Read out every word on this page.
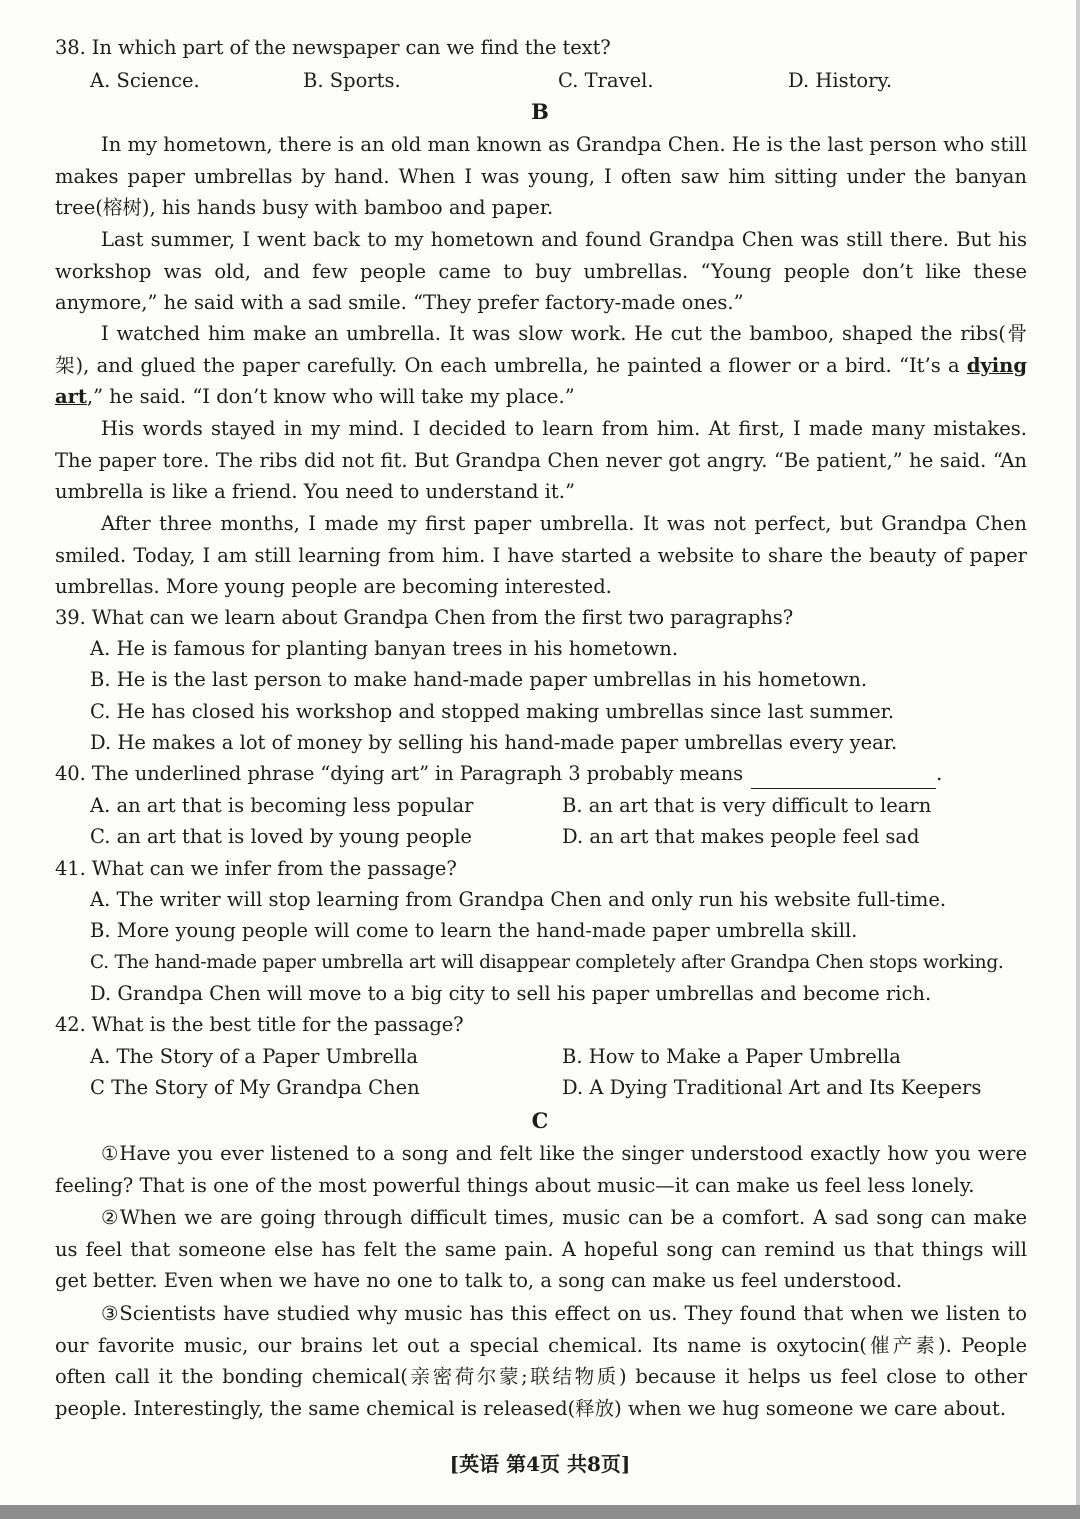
38. In which part of the newspaper can we find the text?
A. Science.	B. Sports.	C. Travel.	D. History.
B

In my hometown, there is an old man known as Grandpa Chen. He is the last person who still makes paper umbrellas by hand. When I was young, I often saw him sitting under the banyan tree(榕树), his hands busy with bamboo and paper.

Last summer, I went back to my hometown and found Grandpa Chen was still there. But his workshop was old, and few people came to buy umbrellas. “Young people don’t like these anymore,” he said with a sad smile. “They prefer factory-made ones.”

I watched him make an umbrella. It was slow work. He cut the bamboo, shaped the ribs(骨架), and glued the paper carefully. On each umbrella, he painted a flower or a bird. “It’s a dying art,” he said. “I don’t know who will take my place.”

His words stayed in my mind. I decided to learn from him. At first, I made many mistakes. The paper tore. The ribs did not fit. But Grandpa Chen never got angry. “Be patient,” he said. “An umbrella is like a friend. You need to understand it.”

After three months, I made my first paper umbrella. It was not perfect, but Grandpa Chen smiled. Today, I am still learning from him. I have started a website to share the beauty of paper umbrellas. More young people are becoming interested.

39. What can we learn about Grandpa Chen from the first two paragraphs?
A. He is famous for planting banyan trees in his hometown.
B. He is the last person to make hand-made paper umbrellas in his hometown.
C. He has closed his workshop and stopped making umbrellas since last summer.
D. He makes a lot of money by selling his hand-made paper umbrellas every year.
40. The underlined phrase “dying art” in Paragraph 3 probably means	.
A. an art that is becoming less popular	B. an art that is very difficult to learn
C. an art that is loved by young people	D. an art that makes people feel sad
41. What can we infer from the passage?
A. The writer will stop learning from Grandpa Chen and only run his website full-time.
B. More young people will come to learn the hand-made paper umbrella skill.
C. The hand-made paper umbrella art will disappear completely after Grandpa Chen stops working.
D. Grandpa Chen will move to a big city to sell his paper umbrellas and become rich.
42. What is the best title for the passage?
A. The Story of a Paper Umbrella	B. How to Make a Paper Umbrella
C The Story of My Grandpa Chen	D. A Dying Traditional Art and Its Keepers
C

①Have you ever listened to a song and felt like the singer understood exactly how you were feeling? That is one of the most powerful things about music—it can make us feel less lonely.

②When we are going through difficult times, music can be a comfort. A sad song can make us feel that someone else has felt the same pain. A hopeful song can remind us that things will get better. Even when we have no one to talk to, a song can make us feel understood.

③Scientists have studied why music has this effect on us. They found that when we listen to our favorite music, our brains let out a special chemical. Its name is oxytocin(催产素). People often call it the bonding chemical(亲密荷尔蒙;联结物质) because it helps us feel close to other people. Interestingly, the same chemical is released(释放) when we hug someone we care about.

[英语 第4页 共8页]
